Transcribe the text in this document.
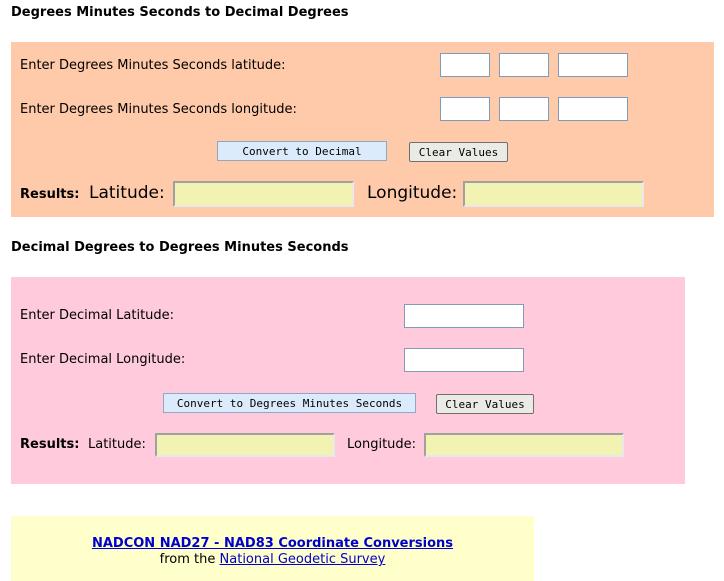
Degrees Minutes Seconds to Decimal Degrees
Enter Degrees Minutes Seconds latitude:
Enter Degrees Minutes Seconds longitude:
Convert to Decimal	Clear Values
Results: Latitude:	Longitude:
Decimal Degrees to Degrees Minutes Seconds
Enter Decimal Latitude:
Enter Decimal Longitude:
Convert to Degrees Minutes Seconds	Clear Values
Results: Latitude:	Longitude:
NADCON NAD27 - NAD83 Coordinate Conversions
from the National Geodetic Survey
